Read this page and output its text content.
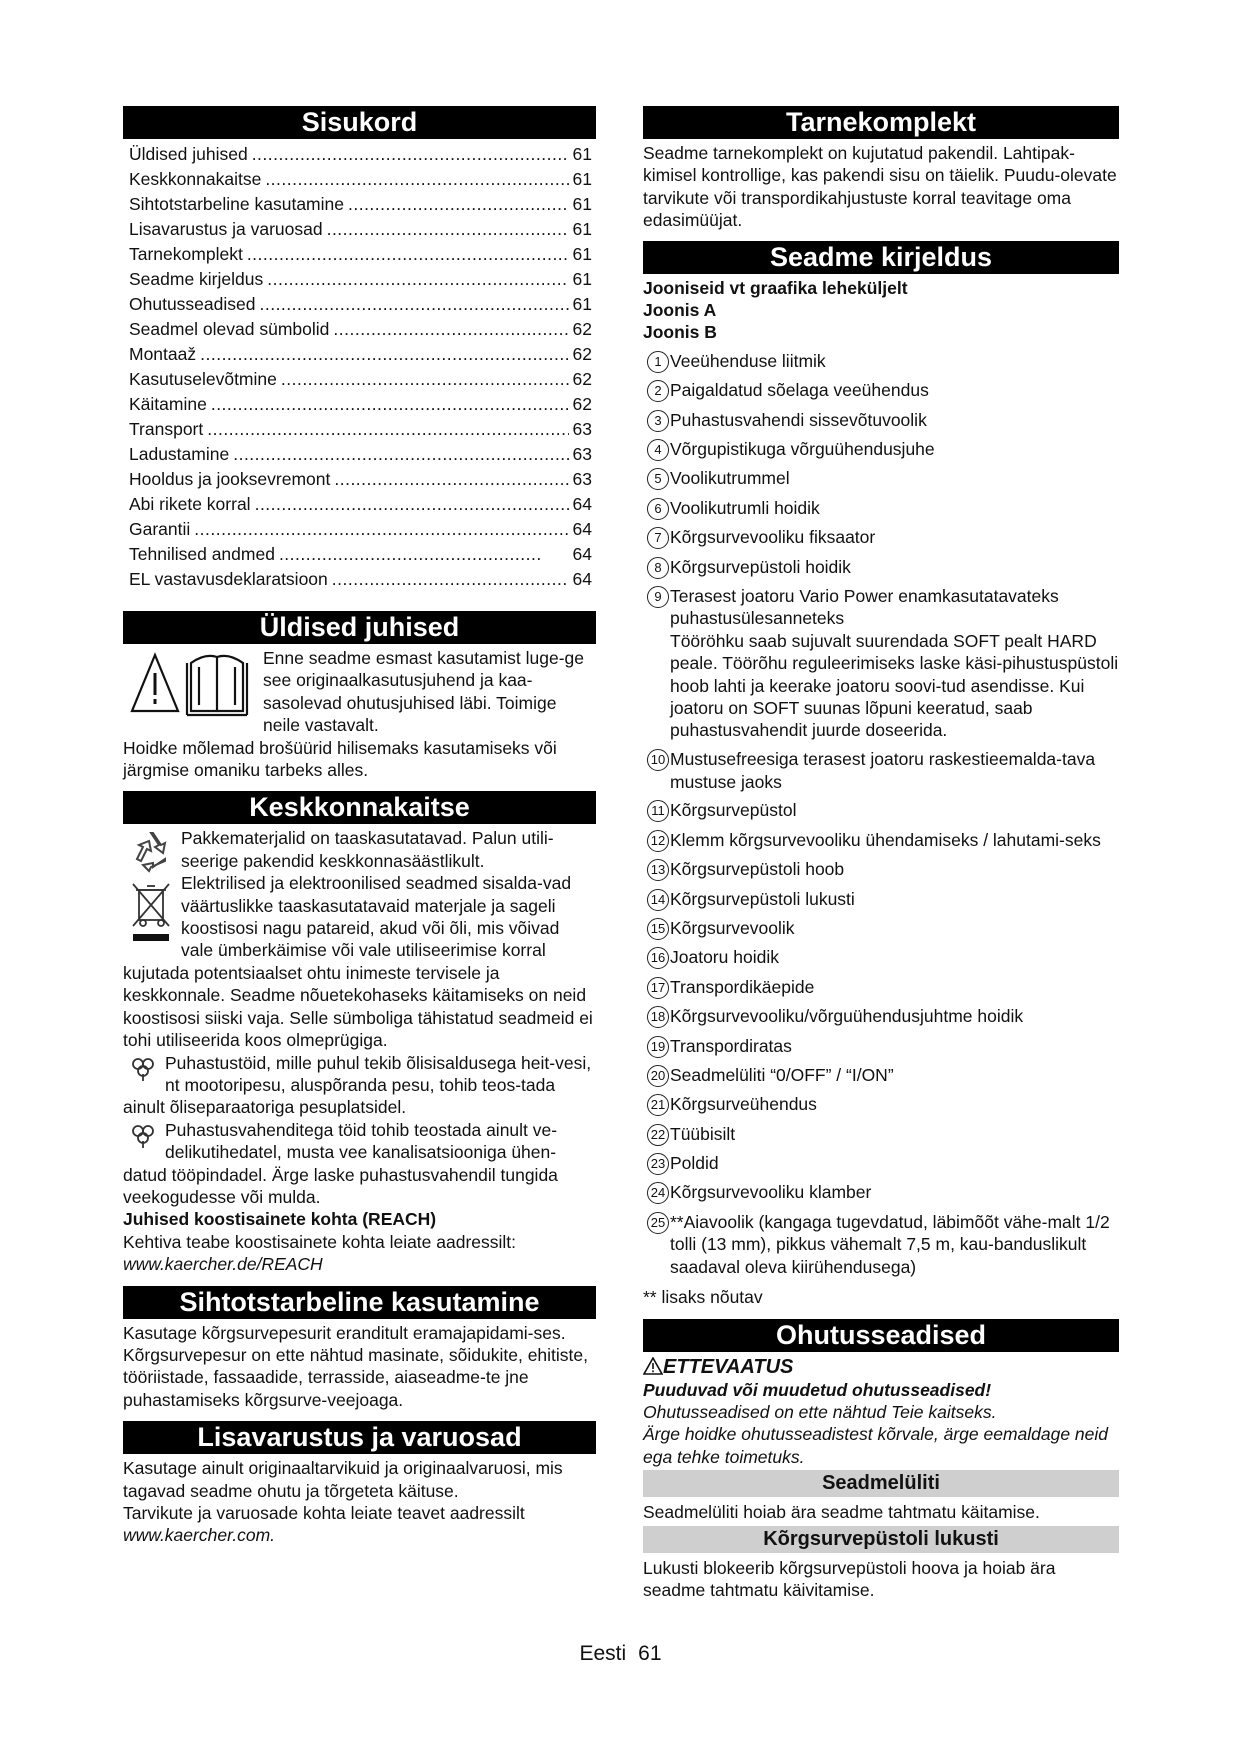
Sisukord
Üldised juhised .....	61
Keskkonnakaitse .....	61
Sihtotstarbeline kasutamine .....	61
Lisavarustus ja varuosad .....	61
Tarnekomplekt .....	61
Seadme kirjeldus .....	61
Ohutusseadised .....	61
Seadmel olevad sümbolid .....	62
Montaaž .....	62
Kasutuselevõtmine .....	62
Käitamine .....	62
Transport .....	63
Ladustamine .....	63
Hooldus ja jooksevremont .....	63
Abi rikete korral .....	64
Garantii .....	64
Tehnilised andmed .....	64
EL vastavusdeklaratsioon .....	64
Üldised juhised

Enne seadme esmast kasutamist luge-ge see originaalkasutusjuhend ja kaa-sasolevad ohutusjuhised läbi. Toimige neile vastavalt.

Hoidke mõlemad brošüürid hilisemaks kasutamiseks või järgmise omaniku tarbeks alles.

Keskkonnakaitse

Pakkematerjalid on taaskasutatavad. Palun utili-seerige pakendid keskkonnasäästlikult.

Elektrilised ja elektroonilised seadmed sisalda-vad väärtuslikke taaskasutatavaid materjale ja sageli koostisosi nagu patareid, akud või õli, mis võivad vale ümberkäimise või vale utiliseerimise korral kujutada potentsiaalset ohtu inimeste tervisele ja keskkonnale. Seadme nõuetekohaseks käitamiseks on neid koostisosi siiski vaja. Selle sümboliga tähistatud seadmeid ei tohi utiliseerida koos olmeprügiga.

Puhastustöid, mille puhul tekib õlisisaldusega heit-vesi, nt mootoripesu, aluspõranda pesu, tohib teos-tada ainult õliseparaatoriga pesuplatsidel.

Puhastusvahenditega töid tohib teostada ainult ve-delikutihedatel, musta vee kanalisatsiooniga ühen-datud tööpindadel. Ärge laske puhastusvahendil tungida veekogudesse või mulda.

Juhised koostisainete kohta (REACH)

Kehtiva teabe koostisainete kohta leiate aadressilt:

www.kaercher.de/REACH

Sihtotstarbeline kasutamine

Kasutage kõrgsurvepesurit eranditult eramajapidami-ses.

Kõrgsurvepesur on ette nähtud masinate, sõidukite, ehitiste, tööriistade, fassaadide, terrasside, aiaseadme-te jne puhastamiseks kõrgsurve-veejoaga.

Lisavarustus ja varuosad

Kasutage ainult originaaltarvikuid ja originaalvaruosi, mis tagavad seadme ohutu ja tõrgeteta käituse.

Tarvikute ja varuosade kohta leiate teavet aadressilt

www.kaercher.com.

Tarnekomplekt

Seadme tarnekomplekt on kujutatud pakendil. Lahtipak-kimisel kontrollige, kas pakendi sisu on täielik. Puudu-olevate tarvikute või transpordikahjustuste korral teavitage oma edasimüüjat.

Seadme kirjeldus

Jooniseid vt graafika leheküljelt

Joonis A

Joonis B

1 Veeühenduse liitmik
2 Paigaldatud sõelaga veeühendus
3 Puhastusvahendi sissevõtuvoolik
4 Võrgupistikuga võrguühendusjuhe
5 Voolikutrummel
6 Voolikutrumli hoidik
7 Kõrgsurvevooliku fiksaator
8 Kõrgsurvepüstoli hoidik
9 Terasest joatoru Vario Power enamkasutatavateks puhastusülesanneteks
Tööröhku saab sujuvalt suurendada SOFT pealt HARD peale. Töörõhu reguleerimiseks laske käsi-pihustuspüstoli hoob lahti ja keerake joatoru soovi-tud asendisse. Kui joatoru on SOFT suunas lõpuni keeratud, saab puhastusvahendit juurde doseerida.
10 Mustusefreesiga terasest joatoru raskestieemalda-tava mustuse jaoks
11 Kõrgsurvepüstol
12 Klemm kõrgsurvevooliku ühendamiseks / lahutami-seks
13 Kõrgsurvepüstoli hoob
14 Kõrgsurvepüstoli lukusti
15 Kõrgsurvevoolik
16 Joatoru hoidik
17 Transpordikäepide
18 Kõrgsurvevooliku/võrguühendusjuhtme hoidik
19 Transpordiratas
20 Seadmelüliti “0/OFF” / “I/ON”
21 Kõrgsurveühendus
22 Tüübisilt
23 Poldid
24 Kõrgsurvevooliku klamber
25 **Aiavoolik (kangaga tugevdatud, läbimõõt vähe-malt 1/2 tolli (13 mm), pikkus vähemalt 7,5 m, kau-banduslikult saadaval oleva kiirühendusega)

** lisaks nõutav

Ohutusseadised

ETTEVAATUS

Puuduvad või muudetud ohutusseadised!

Ohutusseadised on ette nähtud Teie kaitseks.

Ärge hoidke ohutusseadistest kõrvale, ärge eemaldage neid ega tehke toimetuks.

Seadmelüliti

Seadmelüliti hoiab ära seadme tahtmatu käitamise.

Kõrgsurvepüstoli lukusti

Lukusti blokeerib kõrgsurvepüstoli hoova ja hoiab ära seadme tahtmatu käivitamise.

Eesti 61
